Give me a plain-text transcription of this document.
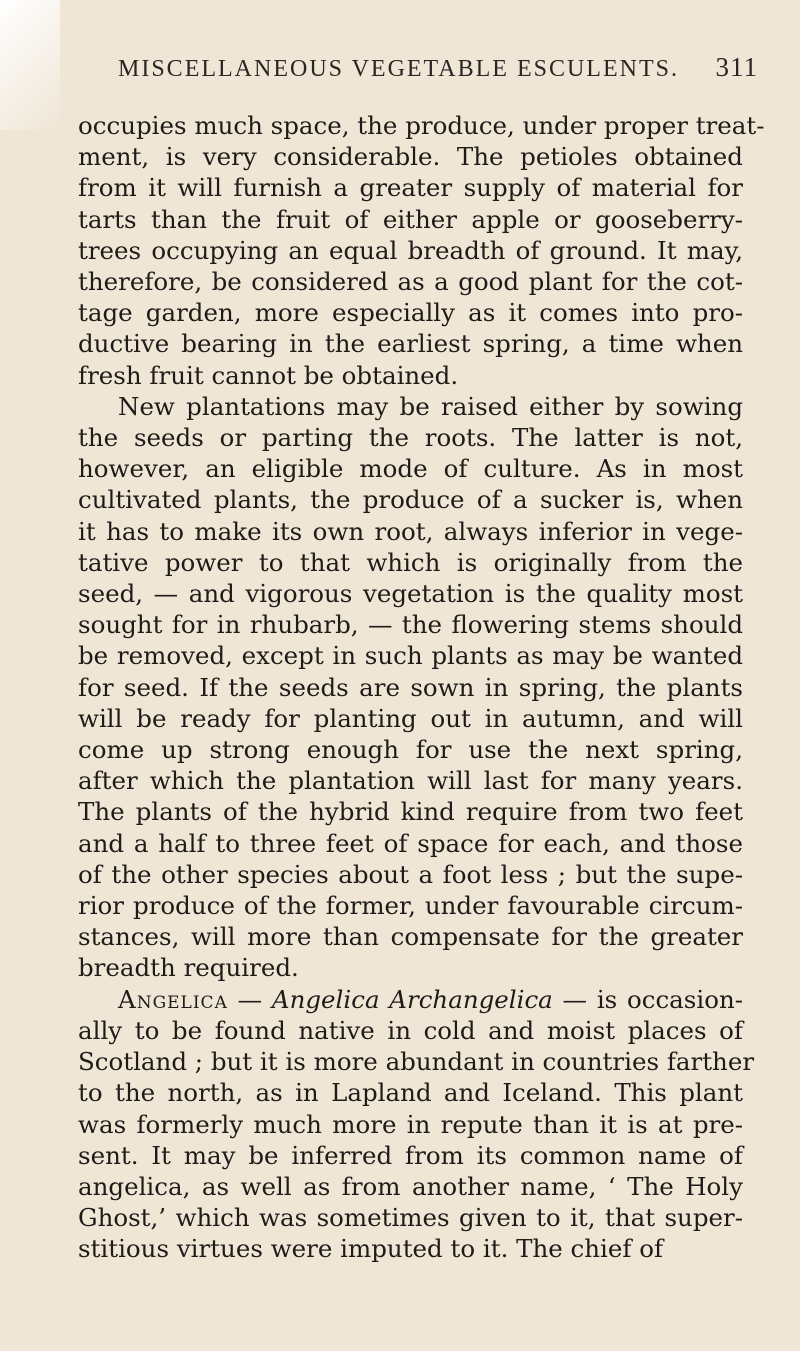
MISCELLANEOUS VEGETABLE ESCULENTS. 311
occupies much space, the produce, under proper treat-
ment, is very considerable. The petioles obtained
from it will furnish a greater supply of material for
tarts than the fruit of either apple or gooseberry-
trees occupying an equal breadth of ground. It may,
therefore, be considered as a good plant for the cot-
tage garden, more especially as it comes into pro-
ductive bearing in the earliest spring, a time when
fresh fruit cannot be obtained.
New plantations may be raised either by sowing
the seeds or parting the roots. The latter is not,
however, an eligible mode of culture. As in most
cultivated plants, the produce of a sucker is, when
it has to make its own root, always inferior in vege-
tative power to that which is originally from the
seed, — and vigorous vegetation is the quality most
sought for in rhubarb, — the flowering stems should
be removed, except in such plants as may be wanted
for seed. If the seeds are sown in spring, the plants
will be ready for planting out in autumn, and will
come up strong enough for use the next spring,
after which the plantation will last for many years.
The plants of the hybrid kind require from two feet
and a half to three feet of space for each, and those
of the other species about a foot less ; but the supe-
rior produce of the former, under favourable circum-
stances, will more than compensate for the greater
breadth required.
Angelica — Angelica Archangelica — is occasion-
ally to be found native in cold and moist places of
Scotland ; but it is more abundant in countries farther
to the north, as in Lapland and Iceland. This plant
was formerly much more in repute than it is at pre-
sent. It may be inferred from its common name of
angelica, as well as from another name, ‘ The Holy
Ghost,’ which was sometimes given to it, that super-
stitious virtues were imputed to it. The chief of
